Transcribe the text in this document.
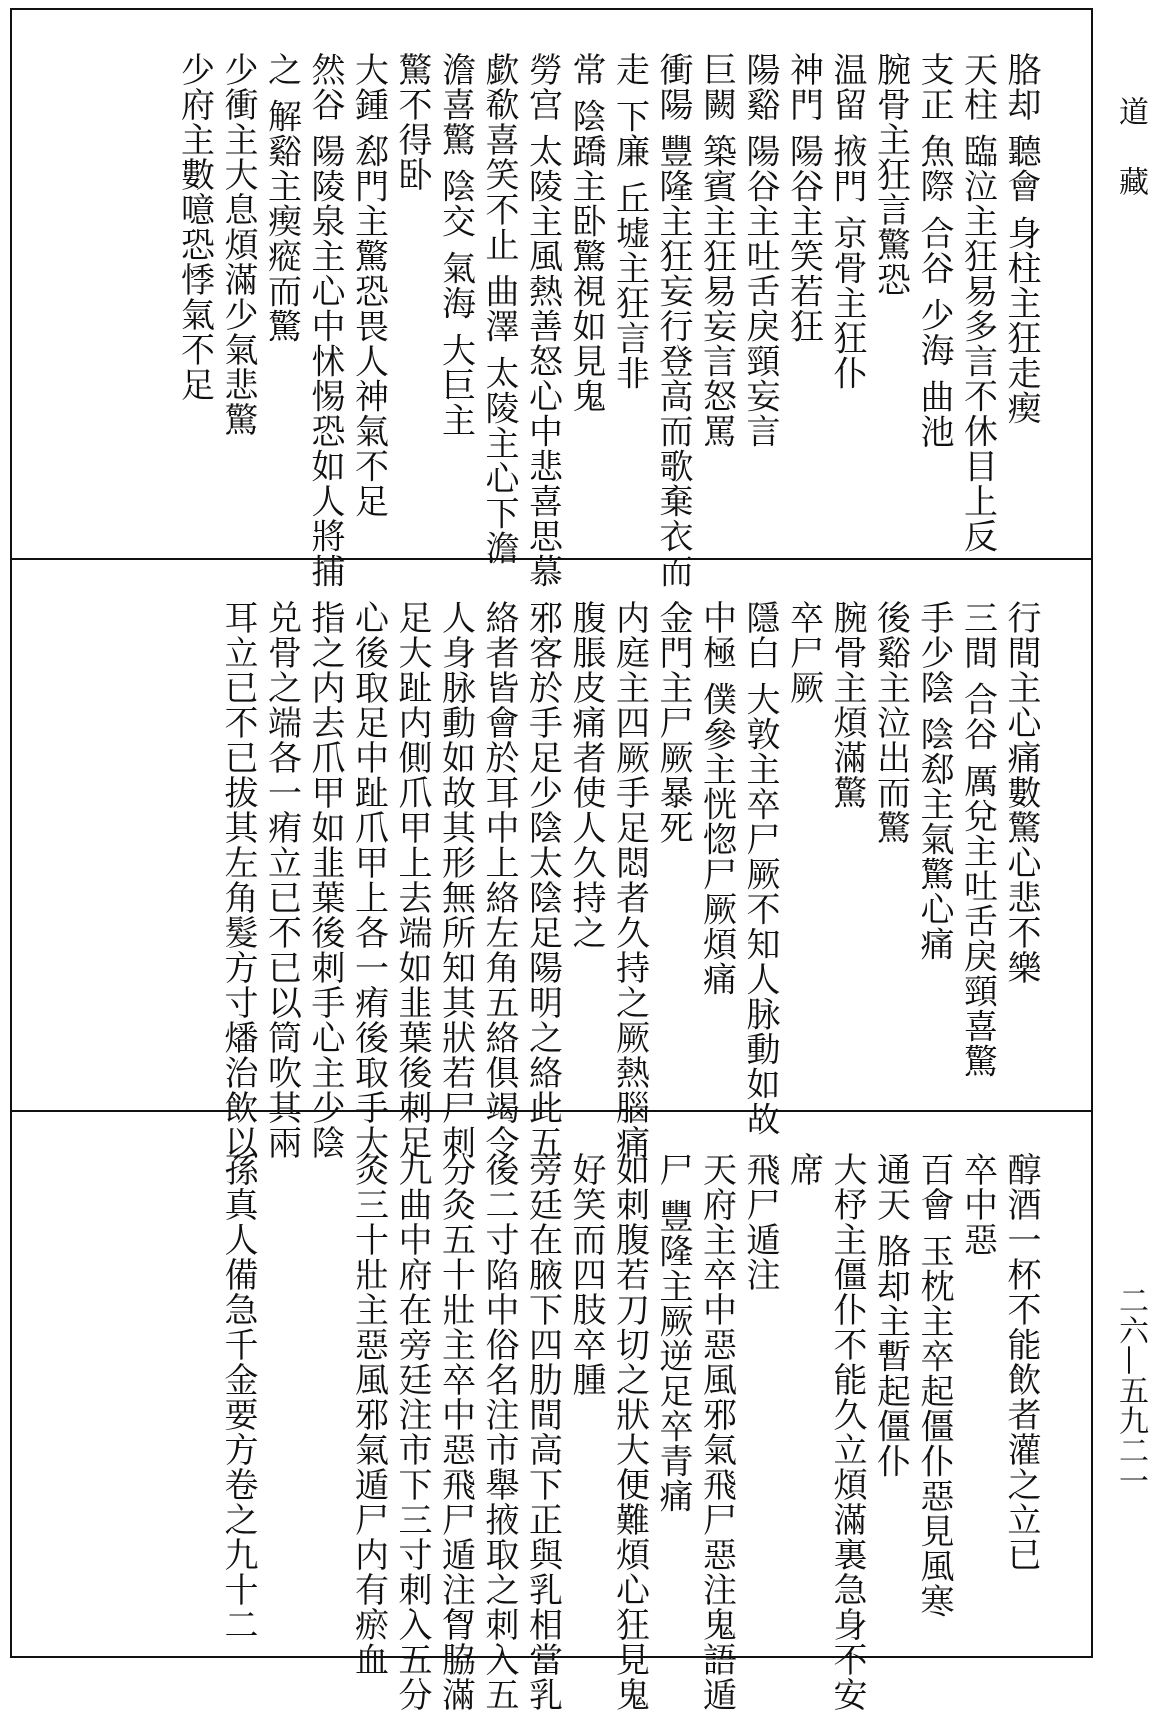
道藏
二六—五九二一
胳却 聽會 身柱主狂走瘈
天柱 臨泣主狂易多言不休目上反
支正 魚際 合谷 少海 曲池
腕骨主狂言驚恐
温留 掖門 京骨主狂仆
神門 陽谷主笑若狂
陽谿 陽谷主吐舌戾頸妄言
巨闕 築賓主狂易妄言怒罵
衝陽 豐隆主狂妄行登高而歌棄衣而
走 下廉 丘墟主狂言非
常 陰蹻主卧驚視如見鬼
勞宫 太陵主風熱善怒心中悲喜思慕
歔欷喜笑不止 曲澤 太陵主心下澹
澹喜驚 陰交 氣海 大巨主
驚不得卧
大鍾 郄門主驚恐畏人神氣不足
然谷 陽陵泉主心中怵惕恐如人將捕
之 解谿主瘈瘲而驚
少衝主大息煩滿少氣悲驚
少府主數噫恐悸氣不足
行間主心痛數驚心悲不樂
三間 合谷 厲兌主吐舌戾頸喜驚
手少陰 陰郄主氣驚心痛
後谿主泣出而驚
腕骨主煩滿驚
卒尸厥
隱白 大敦主卒尸厥不知人脉動如故
中極 僕參主恍惚尸厥煩痛
金門主尸厥暴死
内庭主四厥手足悶者久持之厥熱腦痛
腹脹皮痛者使人久持之
邪客於手足少陰太陰足陽明之絡此五
絡者皆會於耳中上絡左角五絡俱竭令
人身脉動如故其形無所知其狀若尸刺
足大趾内側爪甲上去端如韭葉後刺足
心後取足中趾爪甲上各一痏後取手大
指之内去爪甲如韭葉後刺手心主少陰
兑骨之端各一痏立已不已以筒吹其兩
耳立已不已拔其左角髮方寸燔治飲以
醇酒一杯不能飲者灌之立已
卒中惡
百會 玉枕主卒起僵仆惡見風寒
通天 胳却主暫起僵仆
大杼主僵仆不能久立煩滿裏急身不安
席
飛尸遁注
天府主卒中惡風邪氣飛尸惡注鬼語遁
尸 豐隆主厥逆足卒青痛
如刺腹若刀切之狀大便難煩心狂見鬼
好笑而四肢卒腫
旁廷在腋下四肋間高下正與乳相當乳
後二寸陷中俗名注市舉掖取之刺入五
分灸五十壯主卒中惡飛尸遁注胷脇滿
九曲中府在旁廷注市下三寸刺入五分
灸三十壯主惡風邪氣遁尸内有瘀血
孫真人備急千金要方卷之九十二
